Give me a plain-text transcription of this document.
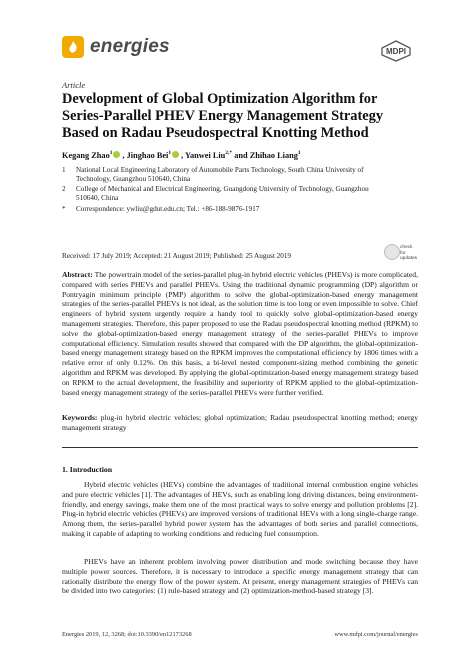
energies	MDPI
Article
Development of Global Optimization Algorithm for Series-Parallel PHEV Energy Management Strategy Based on Radau Pseudospectral Knotting Method
Kegang Zhao$^1$ , Jinghao Bei$^1$ , Yanwei Liu$^{2,*}$ and Zhihao Liang$^1$
1 National Local Engineering Laboratory of Automobile Parts Technology, South China University of Technology, Guangzhou 510640, China
2 College of Mechanical and Electrical Engineering, Guangdong University of Technology, Guangzhou 510640, China
* Correspondence: ywliu@gdut.edu.cn; Tel.: +86-188-9876-1917
Received: 17 July 2019; Accepted: 21 August 2019; Published: 25 August 2019
check for
updates
Abstract: The powertrain model of the series-parallel plug-in hybrid electric vehicles (PHEVs) is more complicated, compared with series PHEVs and parallel PHEVs. Using the traditional dynamic programming (DP) algorithm or Pontryagin minimum principle (PMP) algorithm to solve the global-optimization-based energy management strategies of the series-parallel PHEVs is not ideal, as the solution time is too long or even impossible to solve. Chief engineers of hybrid system urgently require a handy tool to quickly solve global-optimization-based energy management strategies. Therefore, this paper proposed to use the Radau pseudospectral knotting method (RPKM) to solve the global-optimization-based energy management strategy of the series-parallel PHEVs to improve computational efficiency. Simulation results showed that compared with the DP algorithm, the global-optimization-based energy management strategy based on the RPKM improves the computational efficiency by 1806 times with a relative error of only 0.12%. On this basis, a bi-level nested component-sizing method combining the genetic algorithm and RPKM was developed. By applying the global-optimization-based energy management strategy based on RPKM to the actual development, the feasibility and superiority of RPKM applied to the global-optimization-based energy management strategy of the series-parallel PHEVs were further verified.
Keywords: plug-in hybrid electric vehicles; global optimization; Radau pseudospectral knotting method; energy management strategy
1. Introduction
Hybrid electric vehicles (HEVs) combine the advantages of traditional internal combustion engine vehicles and pure electric vehicles [1]. The advantages of HEVs, such as enabling long driving distances, being environment-friendly, and energy savings, make them one of the most practical ways to solve energy and pollution problems [2]. Plug-in hybrid electric vehicles (PHEVs) are improved versions of traditional HEVs with a long single-charge range. Among them, the series-parallel hybrid power system has the advantages of both series and parallel connections, making it capable of adapting to working conditions and reducing fuel consumption.
PHEVs have an inherent problem involving power distribution and mode switching because they have multiple power sources. Therefore, it is necessary to introduce a specific energy management strategy that can rationally distribute the energy flow of the power system. At present, energy management strategies of PHEVs can be divided into two categories: (1) rule-based strategy and (2) optimization-method-based strategy [3].
Energies 2019, 12, 3268; doi:10.3390/en12173268	www.mdpi.com/journal/energies
